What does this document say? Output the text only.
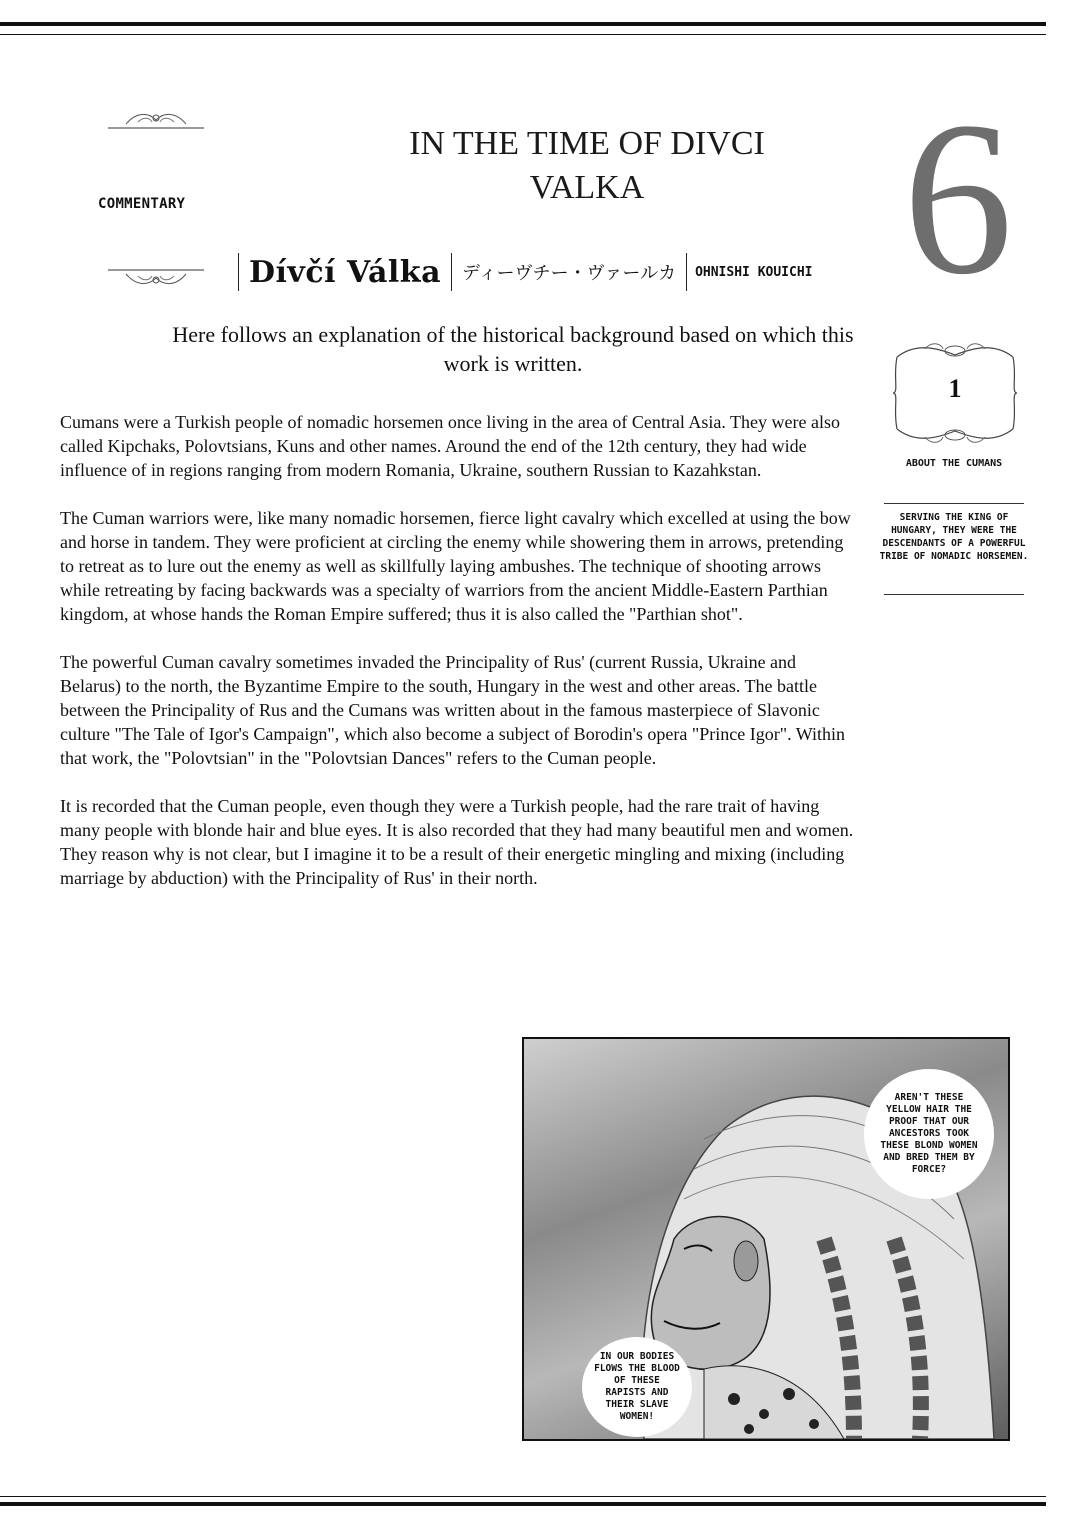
COMMENTARY
IN THE TIME OF DIVCI VALKA	6
Dívčí Válka	ディーヴチー・ヴァールカ	OHNISHI KOUICHI
Here follows an explanation of the historical background based on which this work is written.

Cumans were a Turkish people of nomadic horsemen once living in the area of Central Asia. They were also called Kipchaks, Polovtsians, Kuns and other names. Around the end of the 12th century, they had wide influence of in regions ranging from modern Romania, Ukraine, southern Russian to Kazahkstan.

The Cuman warriors were, like many nomadic horsemen, fierce light cavalry which excelled at using the bow and horse in tandem. They were proficient at circling the enemy while showering them in arrows, pretending to retreat as to lure out the enemy as well as skillfully laying ambushes. The technique of shooting arrows while retreating by facing backwards was a specialty of warriors from the ancient Middle-Eastern Parthian kingdom, at whose hands the Roman Empire suffered; thus it is also called the "Parthian shot".

The powerful Cuman cavalry sometimes invaded the Principality of Rus' (current Russia, Ukraine and Belarus) to the north, the Byzantime Empire to the south, Hungary in the west and other areas. The battle between the Principality of Rus and the Cumans was written about in the famous masterpiece of Slavonic culture "The Tale of Igor's Campaign", which also become a subject of Borodin's opera "Prince Igor". Within that work, the "Polovtsian" in the "Polovtsian Dances" refers to the Cuman people.

It is recorded that the Cuman people, even though they were a Turkish people, had the rare trait of having many people with blonde hair and blue eyes. It is also recorded that they had many beautiful men and women. They reason why is not clear, but I imagine it to be a result of their energetic mingling and mixing (including marriage by abduction) with the Principality of Rus' in their north.

1
ABOUT THE CUMANS
SERVING THE KING OF HUNGARY, THEY WERE THE DESCENDANTS OF A POWERFUL TRIBE OF NOMADIC HORSEMEN.
AREN'T THESE YELLOW HAIR THE PROOF THAT OUR ANCESTORS TOOK THESE BLOND WOMEN AND BRED THEM BY FORCE?
IN OUR BODIES FLOWS THE BLOOD OF THESE RAPISTS AND THEIR SLAVE WOMEN!
